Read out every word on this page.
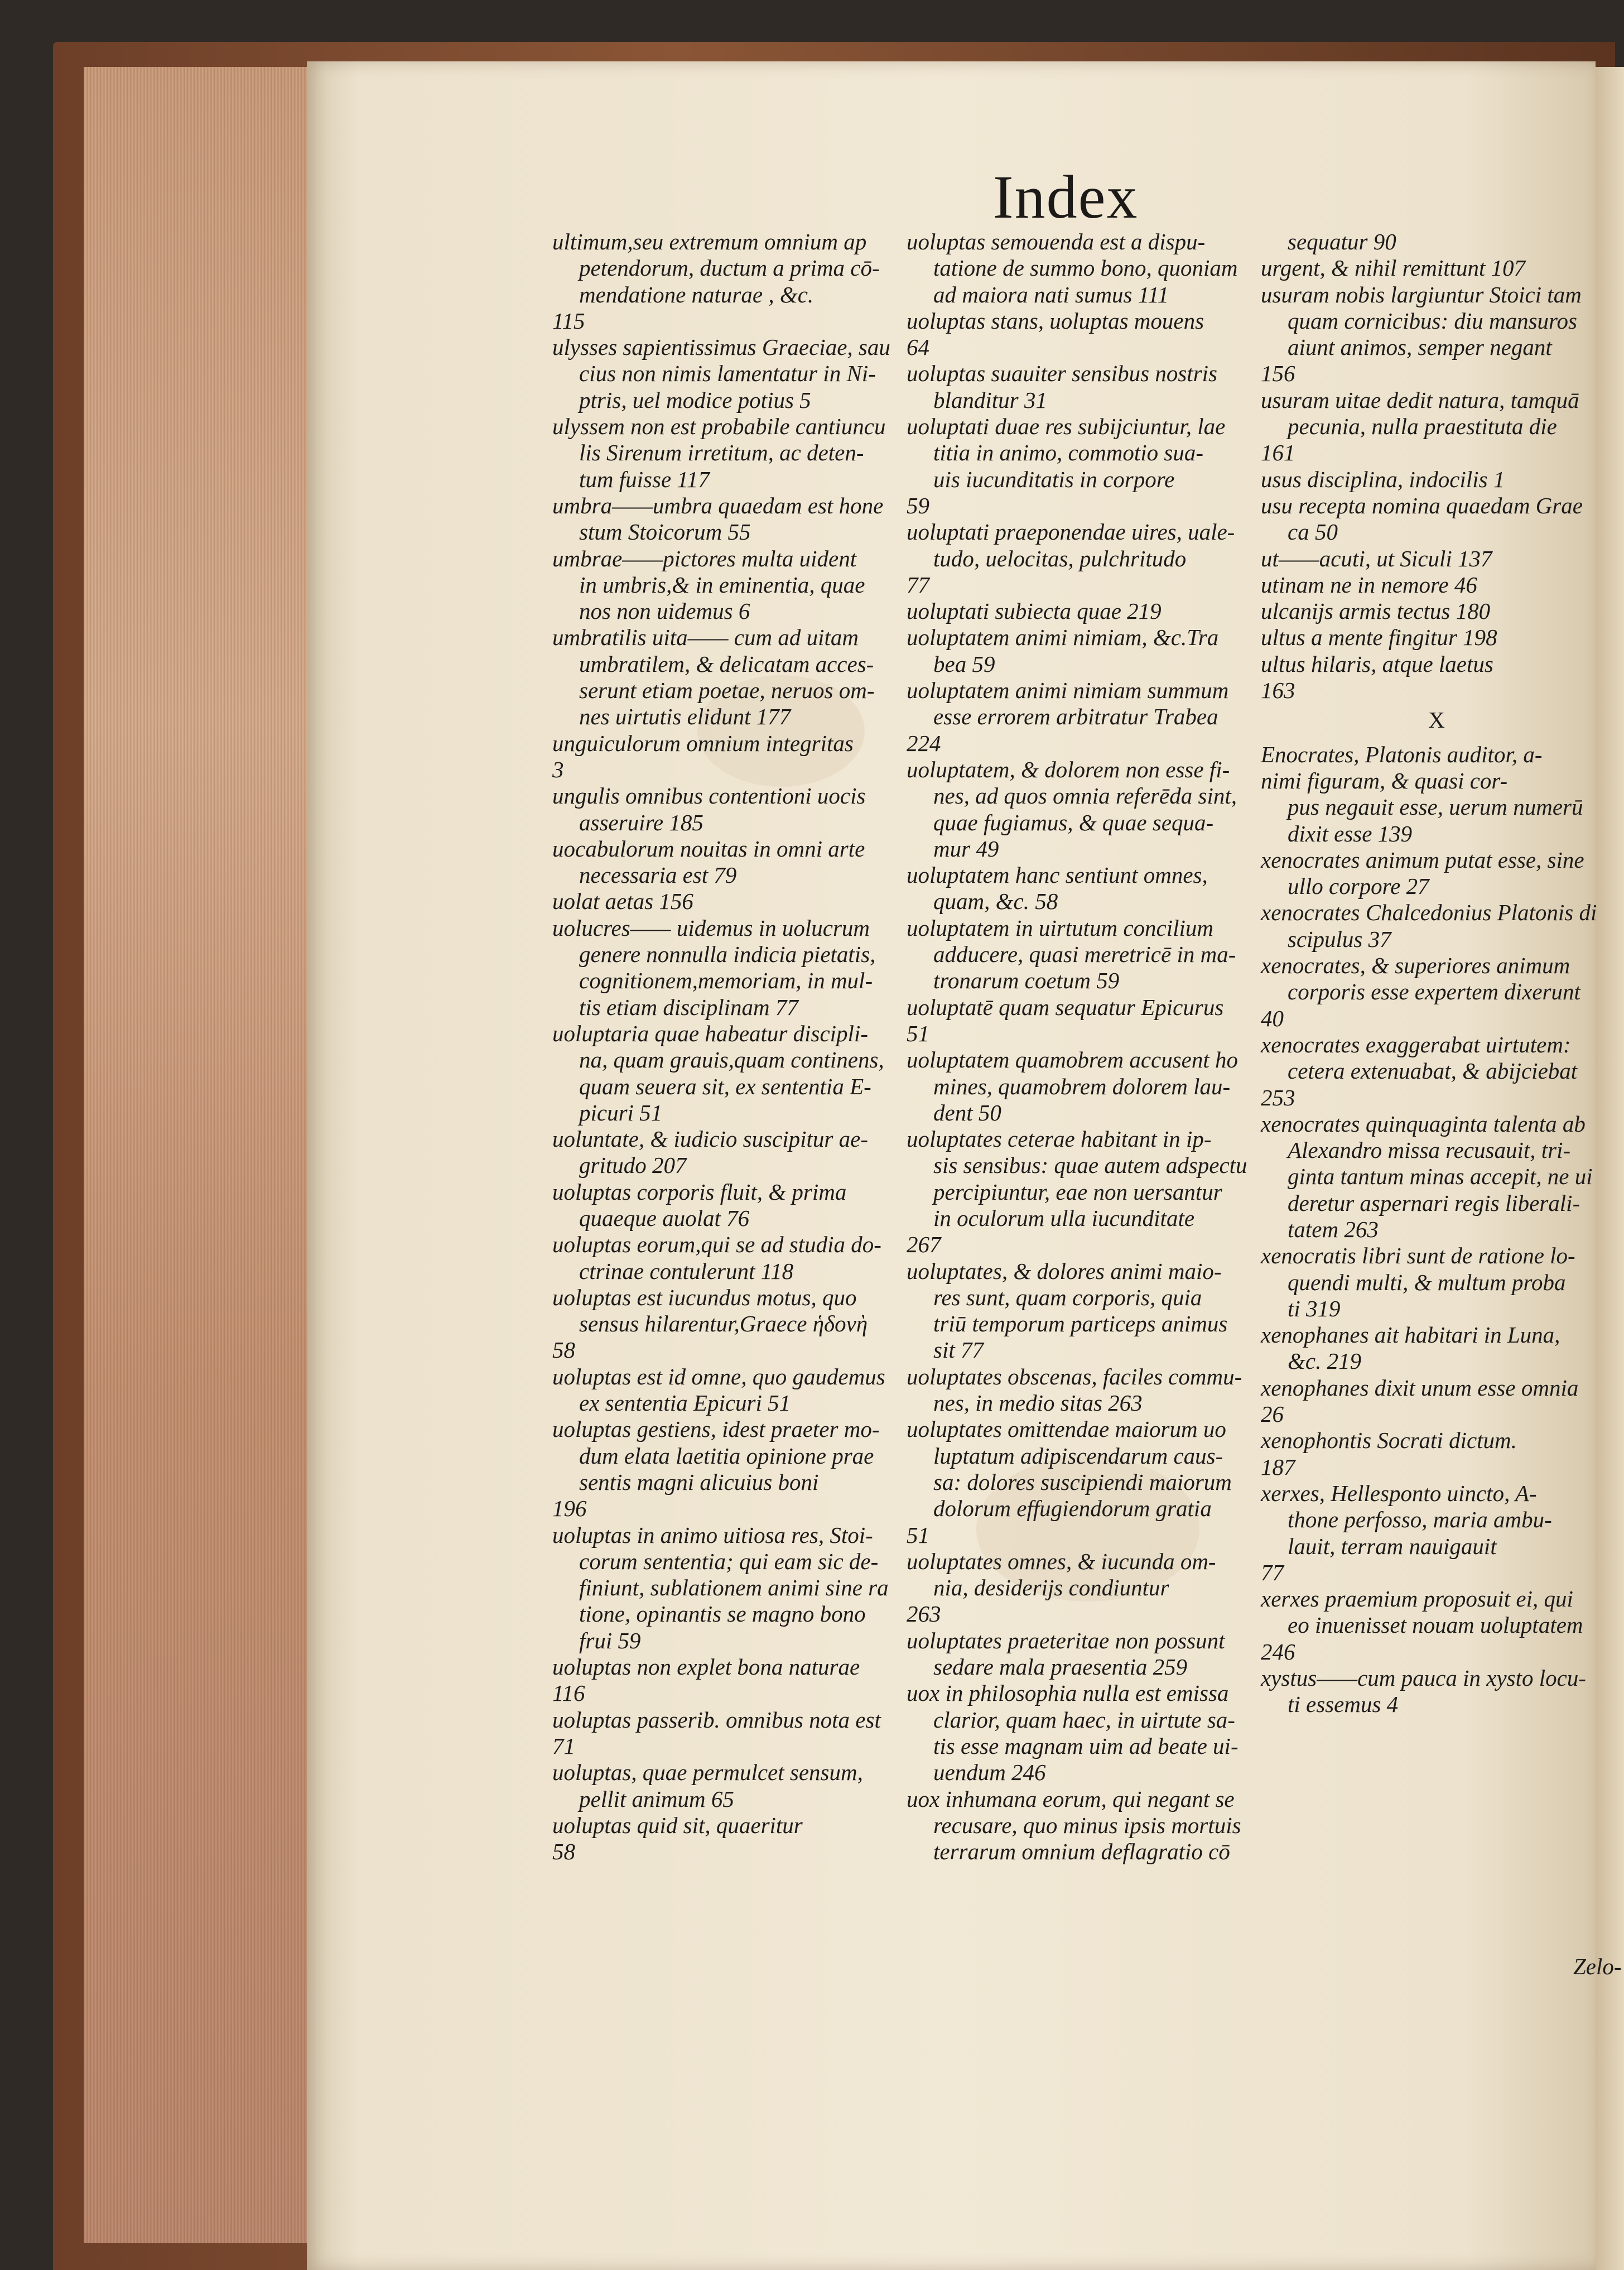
Index
ultimum,seu extremum omnium ap
petendorum, ductum a prima cō-
mendatione naturae , &c.
115
ulysses sapientissimus Graeciae, sau
cius non nimis lamentatur in Ni-
ptris, uel modice potius 5
ulyssem non est probabile cantiuncu
lis Sirenum irretitum, ac deten-
tum fuisse 117
umbra——umbra quaedam est hone
stum Stoicorum 55
umbrae——pictores multa uident
in umbris,& in eminentia, quae
nos non uidemus 6
umbratilis uita—— cum ad uitam
umbratilem, & delicatam acces-
serunt etiam poetae, neruos om-
nes uirtutis elidunt 177
unguiculorum omnium integritas
3
ungulis omnibus contentioni uocis
asseruire 185
uocabulorum nouitas in omni arte
necessaria est 79
uolat aetas 156
uolucres—— uidemus in uolucrum
genere nonnulla indicia pietatis,
cognitionem,memoriam, in mul-
tis etiam disciplinam 77
uoluptaria quae habeatur discipli-
na, quam grauis,quam continens,
quam seuera sit, ex sententia E-
picuri 51
uoluntate, & iudicio suscipitur ae-
gritudo 207
uoluptas corporis fluit, & prima
quaeque auolat 76
uoluptas eorum,qui se ad studia do-
ctrinae contulerunt 118
uoluptas est iucundus motus, quo
sensus hilarentur,Graece ἡδονὴ
58
uoluptas est id omne, quo gaudemus
ex sententia Epicuri 51
uoluptas gestiens, idest praeter mo-
dum elata laetitia opinione prae
sentis magni alicuius boni
196
uoluptas in animo uitiosa res, Stoi-
corum sententia; qui eam sic de-
finiunt, sublationem animi sine ra
tione, opinantis se magno bono
frui 59
uoluptas non explet bona naturae
116
uoluptas passerib. omnibus nota est
71
uoluptas, quae permulcet sensum,
pellit animum 65
uoluptas quid sit, quaeritur
58
uoluptas semouenda est a dispu-
tatione de summo bono, quoniam
ad maiora nati sumus 111
uoluptas stans, uoluptas mouens
64
uoluptas suauiter sensibus nostris
blanditur 31
uoluptati duae res subijciuntur, lae
titia in animo, commotio sua-
uis iucunditatis in corpore
59
uoluptati praeponendae uires, uale-
tudo, uelocitas, pulchritudo
77
uoluptati subiecta quae 219
uoluptatem animi nimiam, &c.Tra
bea 59
uoluptatem animi nimiam summum
esse errorem arbitratur Trabea
224
uoluptatem, & dolorem non esse fi-
nes, ad quos omnia referēda sint,
quae fugiamus, & quae sequa-
mur 49
uoluptatem hanc sentiunt omnes,
quam, &c. 58
uoluptatem in uirtutum concilium
adducere, quasi meretricē in ma-
tronarum coetum 59
uoluptatē quam sequatur Epicurus
51
uoluptatem quamobrem accusent ho
mines, quamobrem dolorem lau-
dent 50
uoluptates ceterae habitant in ip-
sis sensibus: quae autem adspectu
percipiuntur, eae non uersantur
in oculorum ulla iucunditate
267
uoluptates, & dolores animi maio-
res sunt, quam corporis, quia
triū temporum particeps animus
sit 77
uoluptates obscenas, faciles commu-
nes, in medio sitas 263
uoluptates omittendae maiorum uo
luptatum adipiscendarum caus-
sa: dolores suscipiendi maiorum
dolorum effugiendorum gratia
51
uoluptates omnes, & iucunda om-
nia, desiderijs condiuntur
263
uoluptates praeteritae non possunt
sedare mala praesentia 259
uox in philosophia nulla est emissa
clarior, quam haec, in uirtute sa-
tis esse magnam uim ad beate ui-
uendum 246
uox inhumana eorum, qui negant se
recusare, quo minus ipsis mortuis
terrarum omnium deflagratio cō
sequatur 90
urgent, & nihil remittunt 107
usuram nobis largiuntur Stoici tam
quam cornicibus: diu mansuros
aiunt animos, semper negant
156
usuram uitae dedit natura, tamquā
pecunia, nulla praestituta die
161
usus disciplina, indocilis 1
usu recepta nomina quaedam Grae
ca 50
ut——acuti, ut Siculi 137
utinam ne in nemore 46
ulcanijs armis tectus 180
ultus a mente fingitur 198
ultus hilaris, atque laetus
163
X
Enocrates, Platonis auditor, a-
nimi figuram, & quasi cor-
pus negauit esse, uerum numerū
dixit esse 139
xenocrates animum putat esse, sine
ullo corpore 27
xenocrates Chalcedonius Platonis di
scipulus 37
xenocrates, & superiores animum
corporis esse expertem dixerunt
40
xenocrates exaggerabat uirtutem:
cetera extenuabat, & abijciebat
253
xenocrates quinquaginta talenta ab
Alexandro missa recusauit, tri-
ginta tantum minas accepit, ne ui
deretur aspernari regis liberali-
tatem 263
xenocratis libri sunt de ratione lo-
quendi multi, & multum proba
ti 319
xenophanes ait habitari in Luna,
&c. 219
xenophanes dixit unum esse omnia
26
xenophontis Socrati dictum.
187
xerxes, Hellesponto uincto, A-
thone perfosso, maria ambu-
lauit, terram nauigauit
77
xerxes praemium proposuit ei, qui
eo inuenisset nouam uoluptatem
246
xystus——cum pauca in xysto locu-
ti essemus 4
Zelo-
